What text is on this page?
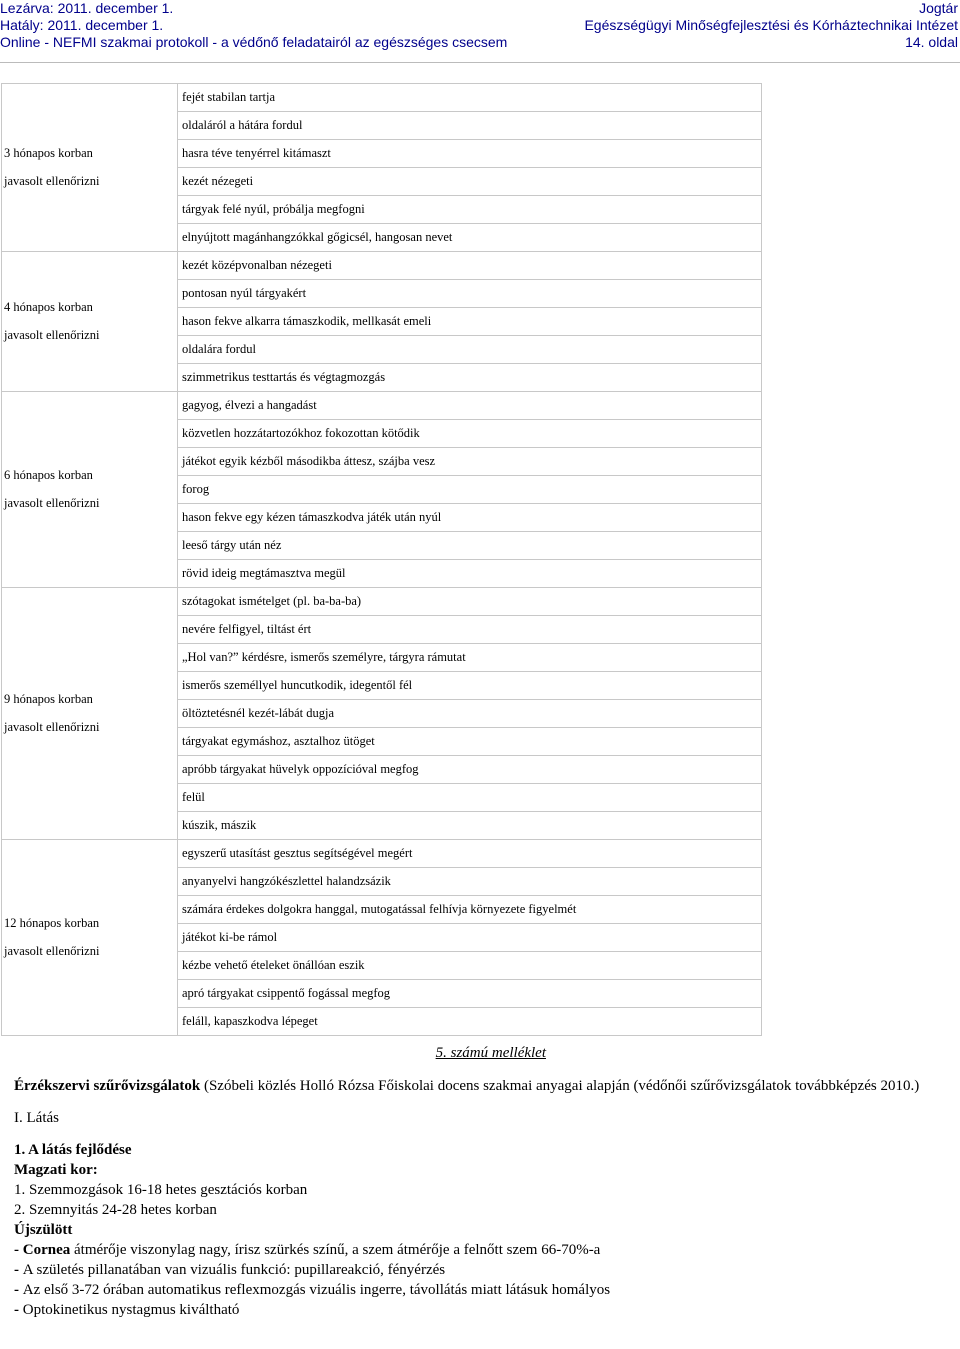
Lezárva: 2011. december 1.
Hatály: 2011. december 1.
Online - NEFMI szakmai protokoll - a védőnő feladatairól az egészséges csecsem
Jogtár
Egészségügyi Minőségfejlesztési és Kórháztechnikai Intézet
14. oldal
3 hónapos korban
javasolt ellenőrizni	fejét stabilan tartja
	oldaláról a hátára fordul
	hasra téve tenyérrel kitámaszt
	kezét nézegeti
	tárgyak felé nyúl, próbálja megfogni
	elnyújtott magánhangzókkal gőgicsél, hangosan nevet

4 hónapos korban
javasolt ellenőrizni	kezét középvonalban nézegeti
	pontosan nyúl tárgyakért
	hason fekve alkarra támaszkodik, mellkasát emeli
	oldalára fordul
	szimmetrikus testtartás és végtagmozgás

6 hónapos korban
javasolt ellenőrizni	gagyog, élvezi a hangadást
	közvetlen hozzátartozókhoz fokozottan kötődik
	játékot egyik kézből másodikba áttesz, szájba vesz
	forog
	hason fekve egy kézen támaszkodva játék után nyúl
	leeső tárgy után néz
	rövid ideig megtámasztva megül

9 hónapos korban
javasolt ellenőrizni	szótagokat ismételget (pl. ba-ba-ba)
	nevére felfigyel, tiltást ért
	„Hol van?” kérdésre, ismerős személyre, tárgyra rámutat
	ismerős személlyel huncutkodik, idegentől fél
	öltöztetésnél kezét-lábát dugja
	tárgyakat egymáshoz, asztalhoz ütöget
	apróbb tárgyakat hüvelyk oppozícióval megfog
	felül
	kúszik, mászik

12 hónapos korban
javasolt ellenőrizni	egyszerű utasítást gesztus segítségével megért
	anyanyelvi hangzókészlettel halandzsázik
	számára érdekes dolgokra hanggal, mutogatással felhívja környezete figyelmét
	játékot ki-be rámol
	kézbe vehető ételeket önállóan eszik
	apró tárgyakat csippentő fogással megfog
	feláll, kapaszkodva lépeget
5. számú melléklet
Érzékszervi szűrővizsgálatok (Szóbeli közlés Holló Rózsa Főiskolai docens szakmai anyagai alapján (védőnői szűrővizsgálatok továbbképzés 2010.)
I. Látás
1. A látás fejlődése
Magzati kor:
1. Szemmozgások 16-18 hetes gesztációs korban
2. Szemnyitás 24-28 hetes korban
Újszülött
- Cornea átmérője viszonylag nagy, írisz szürkés színű, a szem átmérője a felnőtt szem 66-70%-a
- A születés pillanatában van vizuális funkció: pupillareakció, fényérzés
- Az első 3-72 órában automatikus reflexmozgás vizuális ingerre, távollátás miatt látásuk homályos
- Optokinetikus nystagmus kiváltható
